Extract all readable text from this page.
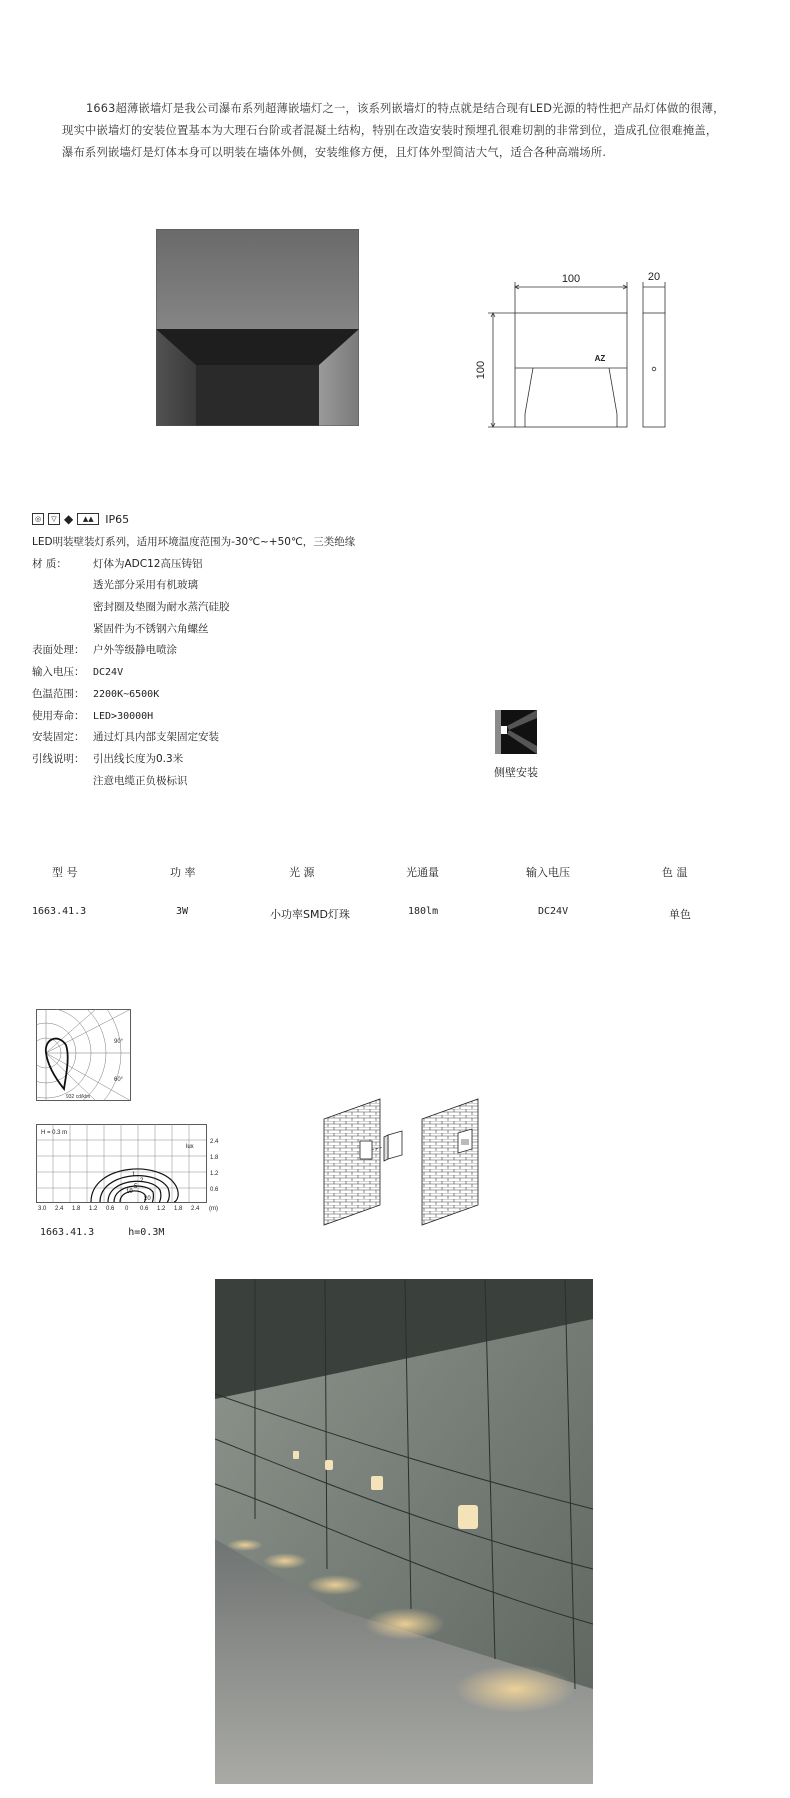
1663超薄嵌墙灯是我公司瀑布系列超薄嵌墙灯之一，该系列嵌墙灯的特点就是结合现有LED光源的特性把产品灯体做的很薄，

现实中嵌墙灯的安装位置基本为大理石台阶或者混凝土结构，特别在改造安装时预埋孔很难切割的非常到位，造成孔位很难掩盖，

瀑布系列嵌墙灯是灯体本身可以明装在墙体外侧，安装维修方便，且灯体外型简洁大气，适合各种高端场所.

100
100
20
AZ
◎	▽ ◆	▲▲	IP65
LED明装壁装灯系列，适用环境温度范围为-30℃~+50℃，三类绝缘
材 质：	灯体为ADC12高压铸铝
透光部分采用有机玻璃
密封圈及垫圈为耐水蒸汽硅胶
紧固件为不锈钢六角螺丝
表面处理： 户外等级静电喷涂
输入电压： DC24V
色温范围： 2200K~6500K
使用寿命： LED>30000H
安装固定： 通过灯具内部支架固定安装
引线说明： 引出线长度为0.3米
注意电缆正负极标识
侧壁安装
型 号	功 率	光 源	光通量	输入电压	色 温
1663.41.3	3W	小功率SMD灯珠	180lm	DC24V	单色
90°
60°
932 cd/klm
1
2
5
10
20
H = 0.3 m
lux
2.4
1.8
1.2
0.6
3.0 2.4 1.8 1.2 0.6 0 0.6 1.2 1.8 2.4 (m)
1663.41.3	h=0.3M
